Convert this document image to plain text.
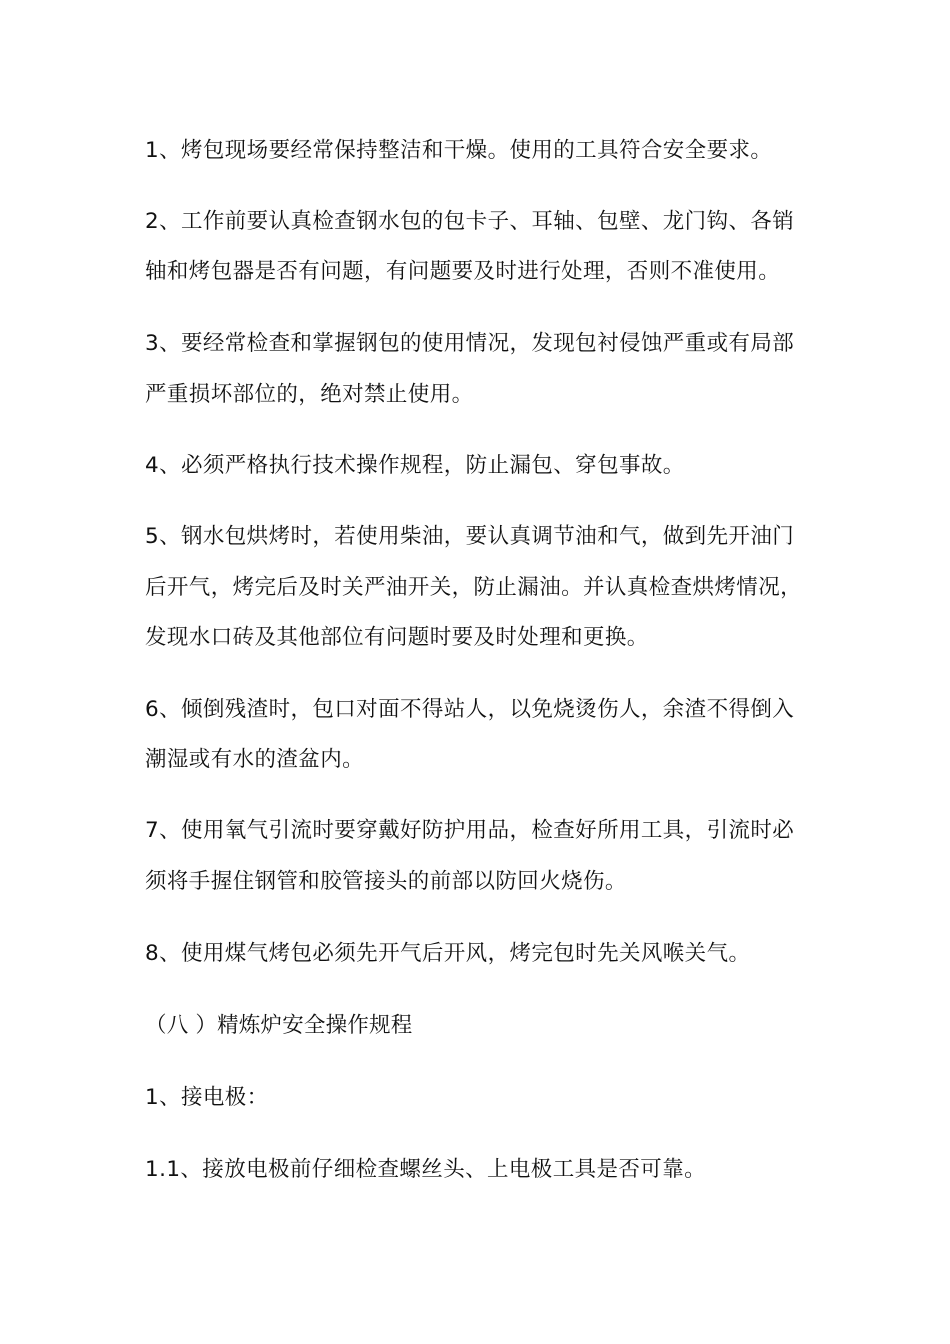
1、烤包现场要经常保持整洁和干燥。使用的工具符合安全要求。
2、工作前要认真检查钢水包的包卡子、耳轴、包壁、龙门钩、各销
轴和烤包器是否有问题，有问题要及时进行处理，否则不准使用。
3、要经常检查和掌握钢包的使用情况，发现包衬侵蚀严重或有局部
严重损坏部位的，绝对禁止使用。
4、必须严格执行技术操作规程，防止漏包、穿包事故。
5、钢水包烘烤时，若使用柴油，要认真调节油和气，做到先开油门
后开气，烤完后及时关严油开关，防止漏油。并认真检查烘烤情况，
发现水口砖及其他部位有问题时要及时处理和更换。
6、倾倒残渣时，包口对面不得站人，以免烧烫伤人，余渣不得倒入
潮湿或有水的渣盆内。
7、使用氧气引流时要穿戴好防护用品，检查好所用工具，引流时必
须将手握住钢管和胶管接头的前部以防回火烧伤。
8、使用煤气烤包必须先开气后开风，烤完包时先关风喉关气。
（八 ）精炼炉安全操作规程
1、接电极：
1.1、接放电极前仔细检查螺丝头、上电极工具是否可靠。
